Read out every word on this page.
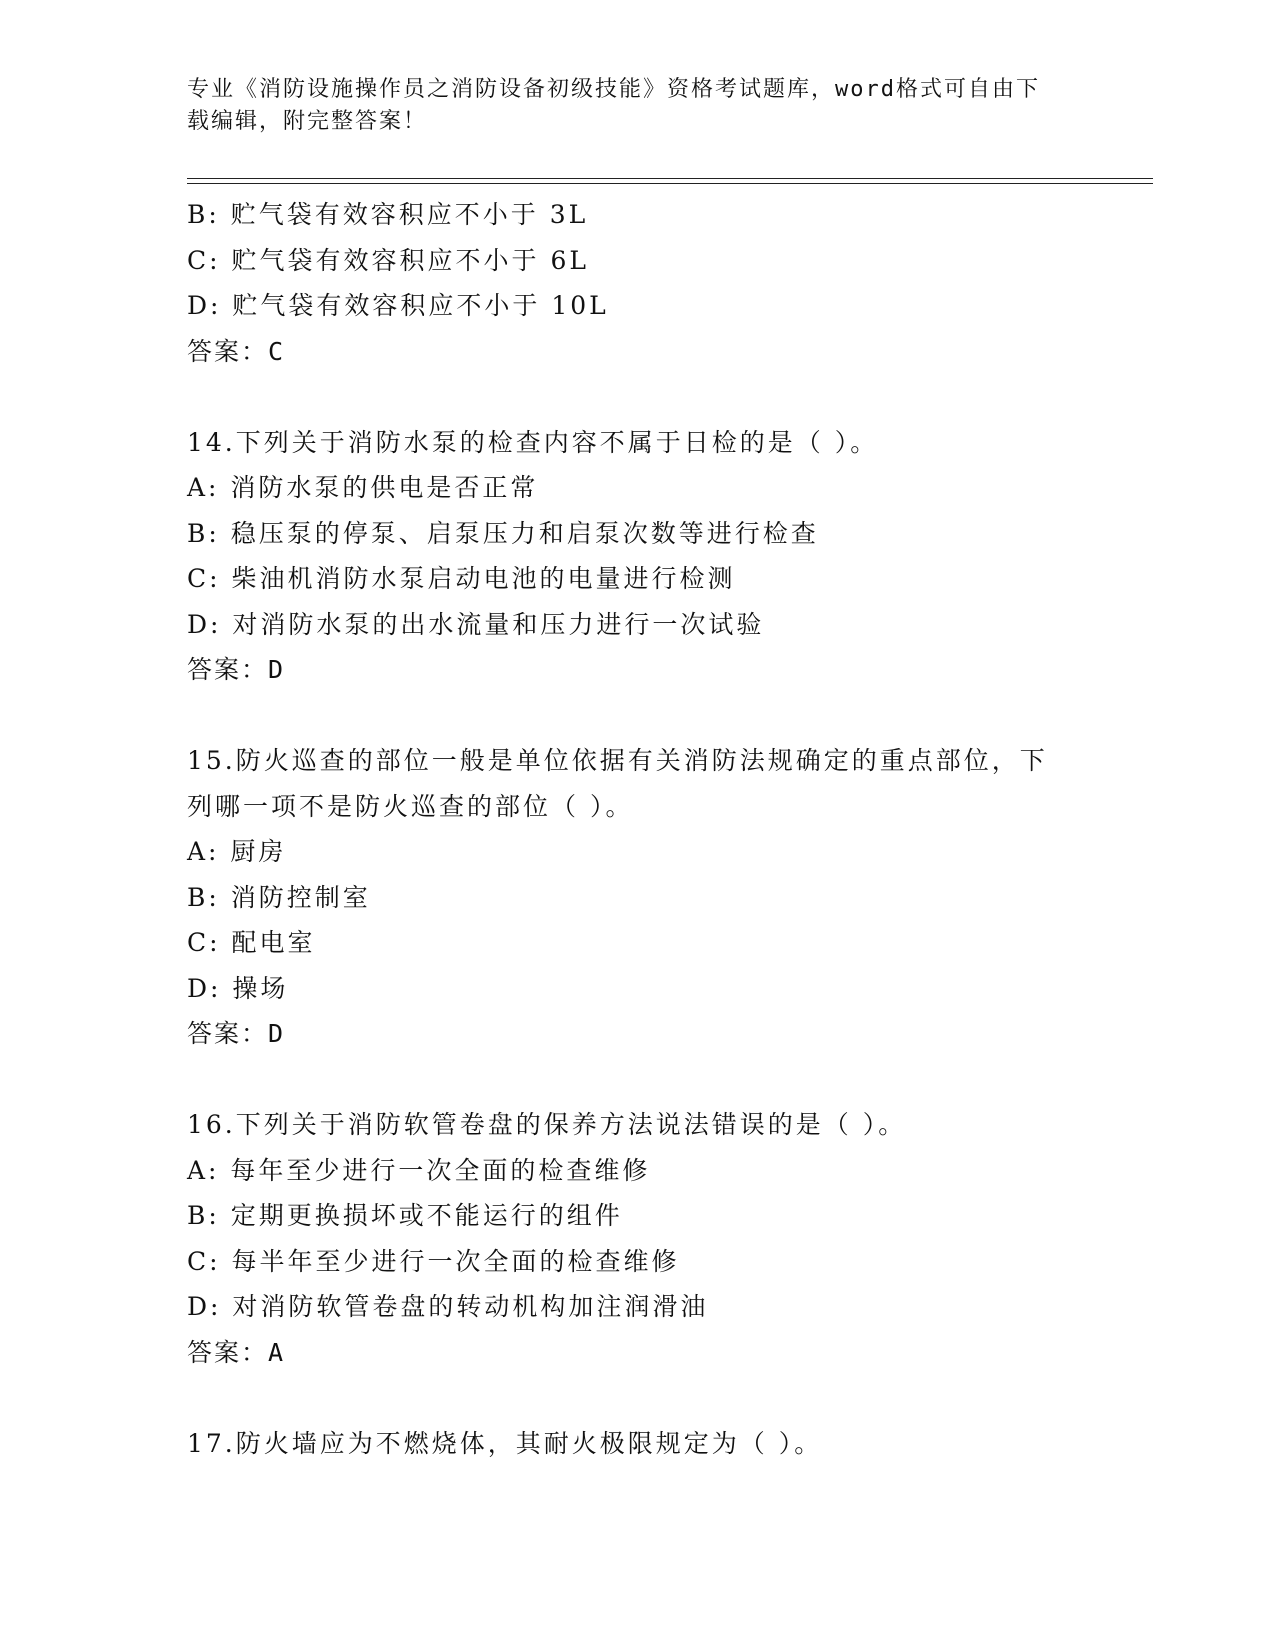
专业《消防设施操作员之消防设备初级技能》资格考试题库，word格式可自由下
载编辑，附完整答案！
B: 贮气袋有效容积应不小于 3L
C: 贮气袋有效容积应不小于 6L
D: 贮气袋有效容积应不小于 10L
答案：C
14.下列关于消防水泵的检查内容不属于日检的是（ ）。
A: 消防水泵的供电是否正常
B: 稳压泵的停泵、启泵压力和启泵次数等进行检查
C: 柴油机消防水泵启动电池的电量进行检测
D: 对消防水泵的出水流量和压力进行一次试验
答案：D
15.防火巡查的部位一般是单位依据有关消防法规确定的重点部位，下
列哪一项不是防火巡查的部位（ ）。
A: 厨房
B: 消防控制室
C: 配电室
D: 操场
答案：D
16.下列关于消防软管卷盘的保养方法说法错误的是（ ）。
A: 每年至少进行一次全面的检查维修
B: 定期更换损坏或不能运行的组件
C: 每半年至少进行一次全面的检查维修
D: 对消防软管卷盘的转动机构加注润滑油
答案：A
17.防火墙应为不燃烧体，其耐火极限规定为（ ）。
